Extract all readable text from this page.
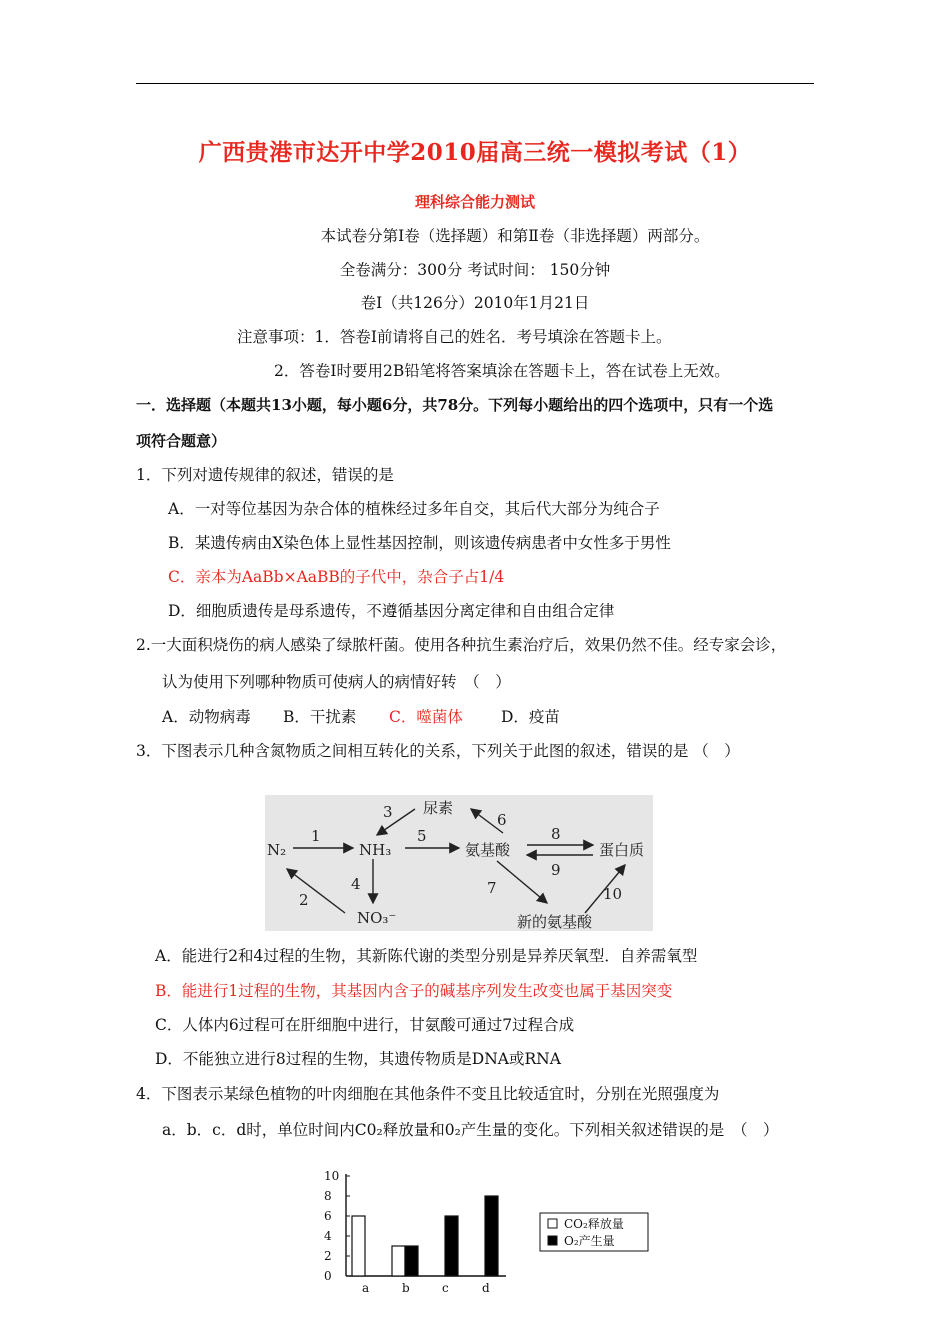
广西贵港市达开中学2010届高三统一模拟考试（1）
理科综合能力测试
本试卷分第Ⅰ卷（选择题）和第Ⅱ卷（非选择题）两部分。
全卷满分：300分 考试时间： 150分钟
卷Ⅰ（共126分）2010年1月21日
注意事项：1．答卷Ⅰ前请将自己的姓名．考号填涂在答题卡上。
2．答卷Ⅰ时要用2B铅笔将答案填涂在答题卡上，答在试卷上无效。
一．选择题（本题共13小题，每小题6分，共78分。下列每小题给出的四个选项中，只有一个选
项符合题意）
1．下列对遗传规律的叙述，错误的是
A．一对等位基因为杂合体的植株经过多年自交，其后代大部分为纯合子
B．某遗传病由X染色体上显性基因控制，则该遗传病患者中女性多于男性
C．亲本为AaBb×AaBB的子代中，杂合子占1/4
D．细胞质遗传是母系遗传，不遵循基因分离定律和自由组合定律
2.一大面积烧伤的病人感染了绿脓杆菌。使用各种抗生素治疗后，效果仍然不佳。经专家会诊，
认为使用下列哪种物质可使病人的病情好转　（　）
A．动物病毒 B．干扰素 C．噬菌体 D．疫苗
3．下图表示几种含氮物质之间相互转化的关系，下列关于此图的叙述，错误的是 （　）
N₂	NH₃
NO₃⁻
尿素
氨基酸	蛋白质
新的氨基酸
1
2
3
4
5
6
7
8
9
10
A．能进行2和4过程的生物，其新陈代谢的类型分别是异养厌氧型．自养需氧型
B．能进行1过程的生物，其基因内含子的碱基序列发生改变也属于基因突变
C．人体内6过程可在肝细胞中进行，甘氨酸可通过7过程合成
D．不能独立进行8过程的生物，其遗传物质是DNA或RNA
4．下图表示某绿色植物的叶肉细胞在其他条件不变且比较适宜时，分别在光照强度为
a．b．c．d时，单位时间内C0₂释放量和0₂产生量的变化。下列相关叙述错误的是　（　）
0
2
4
6
8
10
a	b	c	d
CO₂释放量
O₂产生量
